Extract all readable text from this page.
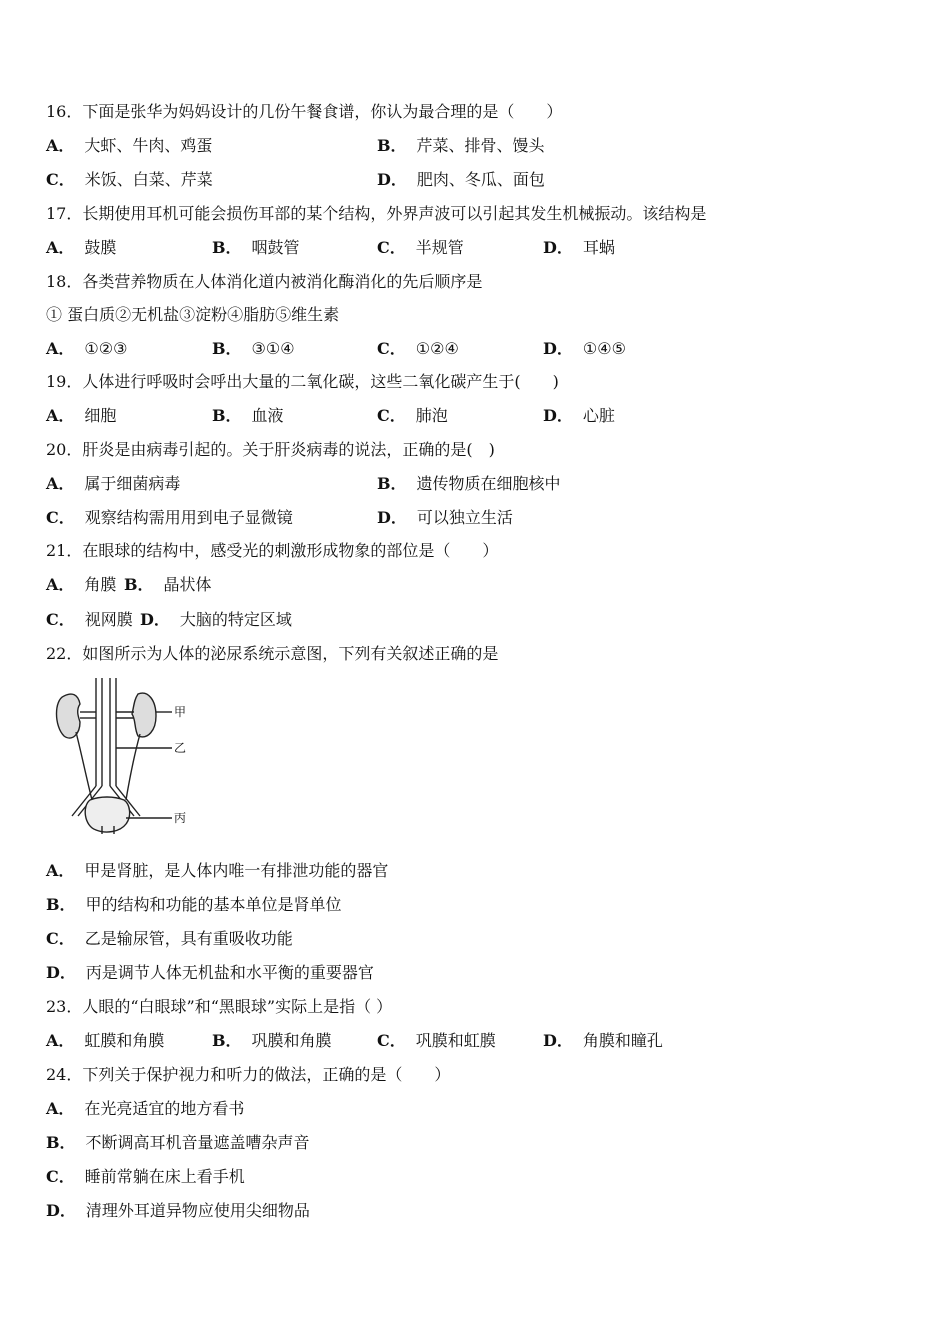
16．下面是张华为妈妈设计的几份午餐食谱，你认为最合理的是（　　）
A． 大虾、牛肉、鸡蛋	B． 芹菜、排骨、馒头
C． 米饭、白菜、芹菜	D． 肥肉、冬瓜、面包
17．长期使用耳机可能会损伤耳部的某个结构，外界声波可以引起其发生机械振动。该结构是
A． 鼓膜	B． 咽鼓管	C． 半规管	D． 耳蜗
18．各类营养物质在人体消化道内被消化酶消化的先后顺序是
① 蛋白质②无机盐③淀粉④脂肪⑤维生素
A． ①②③	B． ③①④	C． ①②④	D． ①④⑤
19．人体进行呼吸时会呼出大量的二氧化碳，这些二氧化碳产生于(　　)
A． 细胞	B． 血液	C． 肺泡	D． 心脏
20．肝炎是由病毒引起的。关于肝炎病毒的说法，正确的是(　)
A． 属于细菌病毒	B． 遗传物质在细胞核中
C． 观察结构需用用到电子显微镜	D． 可以独立生活
21．在眼球的结构中，感受光的刺激形成物象的部位是（　　）
A． 角膜 B． 晶状体
C． 视网膜 D． 大脑的特定区域
22．如图所示为人体的泌尿系统示意图，下列有关叙述正确的是
甲
乙
丙
A． 甲是肾脏，是人体内唯一有排泄功能的器官
B． 甲的结构和功能的基本单位是肾单位
C． 乙是输尿管，具有重吸收功能
D． 丙是调节人体无机盐和水平衡的重要器官
23．人眼的“白眼球”和“黑眼球”实际上是指（ ）
A． 虹膜和角膜	B． 巩膜和角膜	C． 巩膜和虹膜	D． 角膜和瞳孔
24．下列关于保护视力和听力的做法，正确的是（　　）
A． 在光亮适宜的地方看书
B． 不断调高耳机音量遮盖嘈杂声音
C． 睡前常躺在床上看手机
D． 清理外耳道异物应使用尖细物品
